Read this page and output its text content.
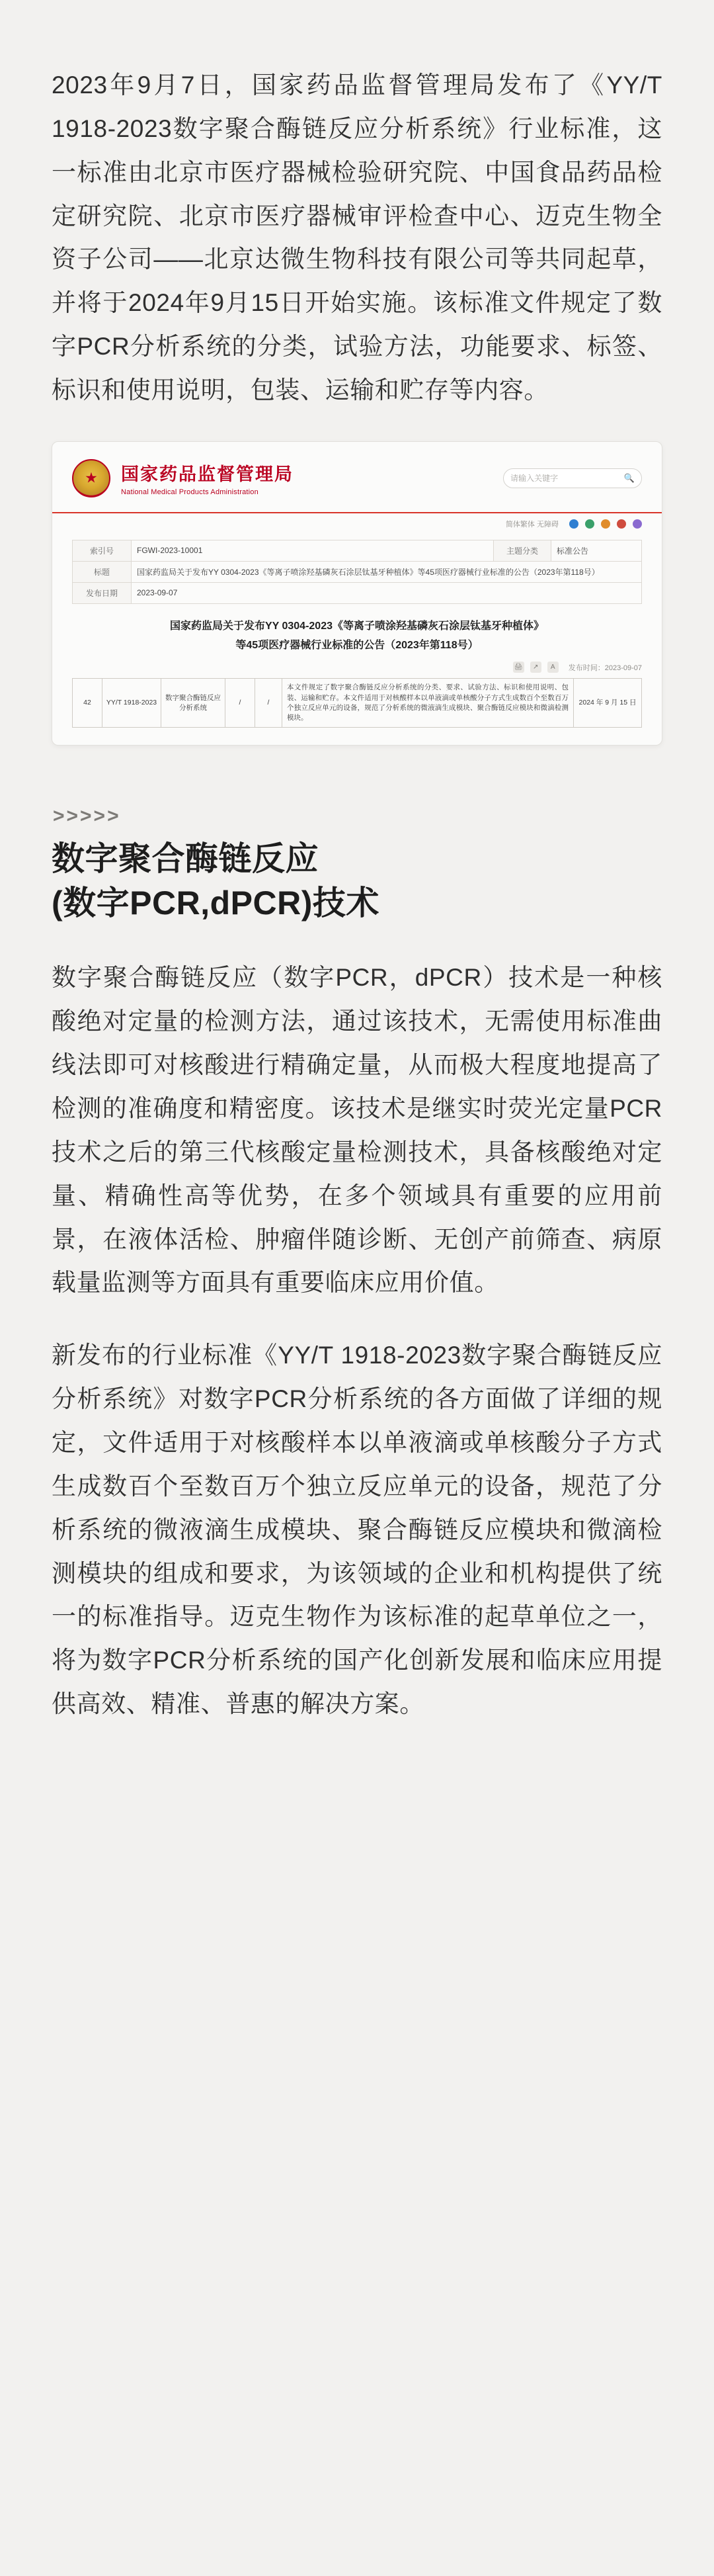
2023年9月7日，国家药品监督管理局发布了《YY/T 1918-2023数字聚合酶链反应分析系统》行业标准，这一标准由北京市医疗器械检验研究院、中国食品药品检定研究院、北京市医疗器械审评检查中心、迈克生物全资子公司——北京达微生物科技有限公司等共同起草，并将于2024年9月15日开始实施。该标准文件规定了数字PCR分析系统的分类，试验方法，功能要求、标签、标识和使用说明，包装、运输和贮存等内容。

★
国家药品监督管理局
National Medical Products Administration
请输入关键字	🔍
简体繁体 无障碍
索引号	FGWI-2023-10001	主题分类	标准公告
标题	国家药监局关于发布YY 0304-2023《等离子喷涂羟基磷灰石涂层钛基牙种植体》等45项医疗器械行业标准的公告（2023年第118号）		
发布日期	2023-09-07		
国家药监局关于发布YY 0304-2023《等离子喷涂羟基磷灰石涂层钛基牙种植体》
等45项医疗器械行业标准的公告（2023年第118号）
🖨	↗	A	发布时间：2023-09-07
42	YY/T 1918-2023	数字聚合酶链反应分析系统	/	/	本文件规定了数字聚合酶链反应分析系统的分类、要求、试验方法、标识和使用说明、包装、运输和贮存。本文件适用于对核酸样本以单液滴或单核酸分子方式生成数百个至数百万个独立反应单元的设备，规范了分析系统的微液滴生成模块、聚合酶链反应模块和微滴检测模块。	2024 年 9 月 15 日
>>>>>
数字聚合酶链反应
(数字PCR,dPCR)技术

数字聚合酶链反应（数字PCR，dPCR）技术是一种核酸绝对定量的检测方法，通过该技术，无需使用标准曲线法即可对核酸进行精确定量，从而极大程度地提高了检测的准确度和精密度。该技术是继实时荧光定量PCR技术之后的第三代核酸定量检测技术，具备核酸绝对定量、精确性高等优势，在多个领域具有重要的应用前景，在液体活检、肿瘤伴随诊断、无创产前筛查、病原载量监测等方面具有重要临床应用价值。

新发布的行业标准《YY/T 1918-2023数字聚合酶链反应分析系统》对数字PCR分析系统的各方面做了详细的规定，文件适用于对核酸样本以单液滴或单核酸分子方式生成数百个至数百万个独立反应单元的设备，规范了分析系统的微液滴生成模块、聚合酶链反应模块和微滴检测模块的组成和要求，为该领域的企业和机构提供了统一的标准指导。迈克生物作为该标准的起草单位之一，将为数字PCR分析系统的国产化创新发展和临床应用提供高效、精准、普惠的解决方案。
